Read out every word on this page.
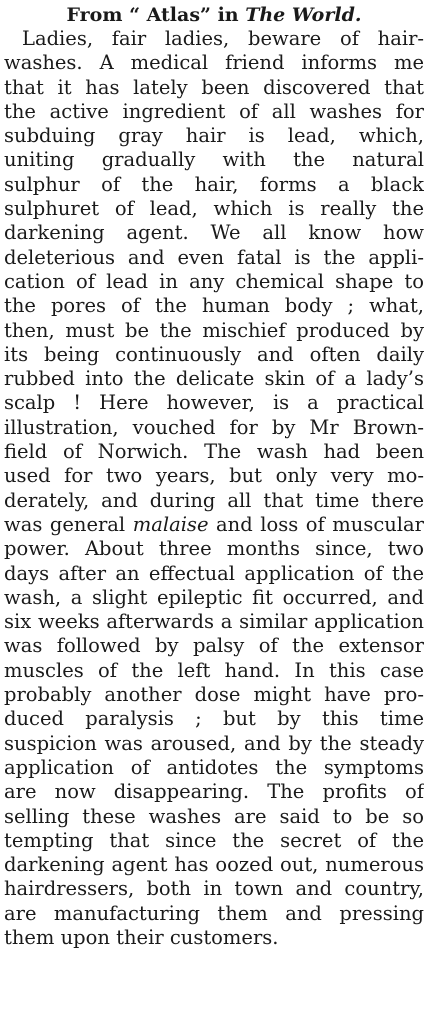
From “ Atlas” in The World.
Ladies, fair ladies, beware of hair-
washes. A medical friend informs me
that it has lately been discovered that
the active ingredient of all washes for
subduing gray hair is lead, which,
uniting gradually with the natural
sulphur of the hair, forms a black
sulphuret of lead, which is really the
darkening agent. We all know how
deleterious and even fatal is the appli-
cation of lead in any chemical shape to
the pores of the human body ; what,
then, must be the mischief produced by
its being continuously and often daily
rubbed into the delicate skin of a lady’s
scalp ! Here however, is a practical
illustration, vouched for by Mr Brown-
field of Norwich. The wash had been
used for two years, but only very mo-
derately, and during all that time there
was general malaise and loss of muscular
power. About three months since, two
days after an effectual application of the
wash, a slight epileptic fit occurred, and
six weeks afterwards a similar application
was followed by palsy of the extensor
muscles of the left hand. In this case
probably another dose might have pro-
duced paralysis ; but by this time
suspicion was aroused, and by the steady
application of antidotes the symptoms
are now disappearing. The profits of
selling these washes are said to be so
tempting that since the secret of the
darkening agent has oozed out, numerous
hairdressers, both in town and country,
are manufacturing them and pressing
them upon their customers.
